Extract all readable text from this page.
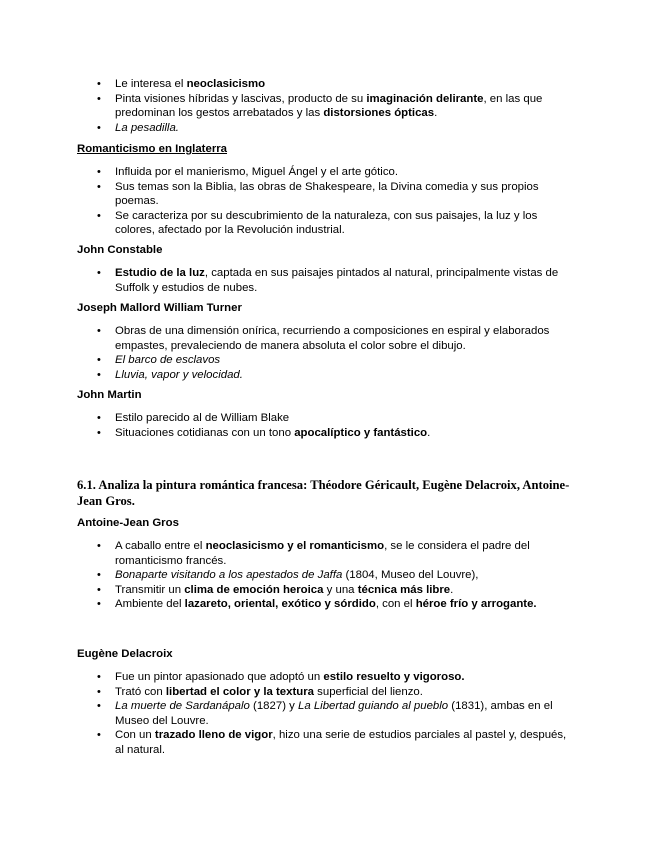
• Le interesa el neoclasicismo
• Pinta visiones híbridas y lascivas, producto de su imaginación delirante, en las que predominan los gestos arrebatados y las distorsiones ópticas.
• La pesadilla.
Romanticismo en Inglaterra
• Influida por el manierismo, Miguel Ángel y el arte gótico.
• Sus temas son la Biblia, las obras de Shakespeare, la Divina comedia y sus propios poemas.
• Se caracteriza por su descubrimiento de la naturaleza, con sus paisajes, la luz y los colores, afectado por la Revolución industrial.
John Constable
• Estudio de la luz, captada en sus paisajes pintados al natural, principalmente vistas de Suffolk y estudios de nubes.
Joseph Mallord William Turner
• Obras de una dimensión onírica, recurriendo a composiciones en espiral y elaborados empastes, prevaleciendo de manera absoluta el color sobre el dibujo.
• El barco de esclavos
• Lluvia, vapor y velocidad.
John Martin
• Estilo parecido al de William Blake
• Situaciones cotidianas con un tono apocalíptico y fantástico.
6.1. Analiza la pintura romántica francesa: Théodore Géricault, Eugène Delacroix, Antoine-Jean Gros.
Antoine-Jean Gros
• A caballo entre el neoclasicismo y el romanticismo, se le considera el padre del romanticismo francés.
• Bonaparte visitando a los apestados de Jaffa (1804, Museo del Louvre),
• Transmitir un clima de emoción heroica y una técnica más libre.
• Ambiente del lazareto, oriental, exótico y sórdido, con el héroe frío y arrogante.
Eugène Delacroix
• Fue un pintor apasionado que adoptó un estilo resuelto y vigoroso.
• Trató con libertad el color y la textura superficial del lienzo.
• La muerte de Sardanápalo (1827) y La Libertad guiando al pueblo (1831), ambas en el Museo del Louvre.
• Con un trazado lleno de vigor, hizo una serie de estudios parciales al pastel y, después, al natural.
